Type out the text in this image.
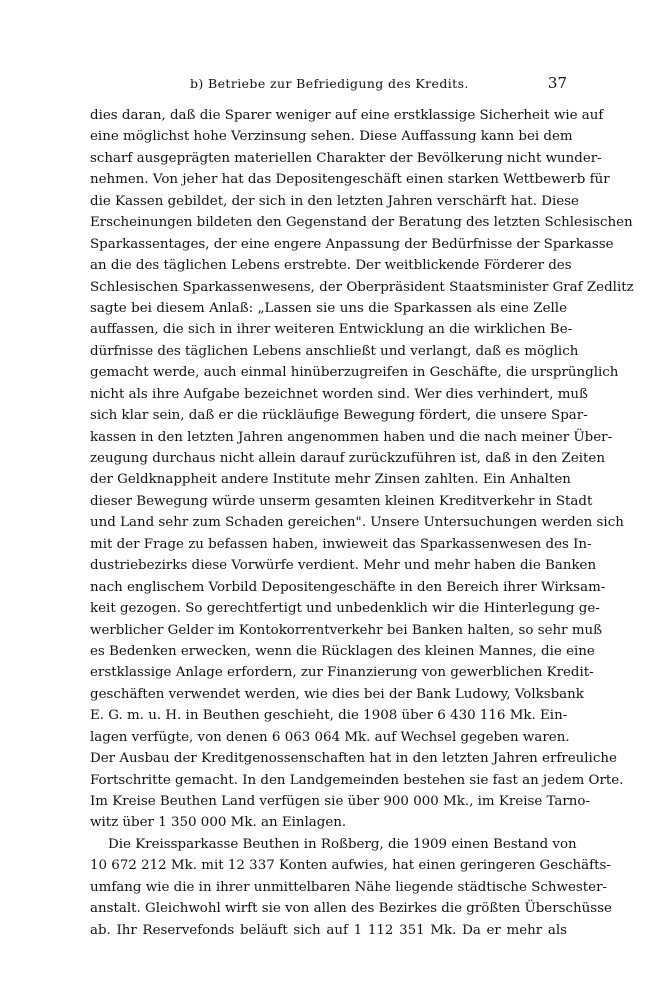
b) Betriebe zur Befriedigung des Kredits.	37
dies daran, daß die Sparer weniger auf eine erstklassige Sicherheit wie auf
eine möglichst hohe Verzinsung sehen. Diese Auffassung kann bei dem
scharf ausgeprägten materiellen Charakter der Bevölkerung nicht wunder-
nehmen. Von jeher hat das Depositengeschäft einen starken Wettbewerb für
die Kassen gebildet, der sich in den letzten Jahren verschärft hat. Diese
Erscheinungen bildeten den Gegenstand der Beratung des letzten Schlesischen
Sparkassentages, der eine engere Anpassung der Bedürfnisse der Sparkasse
an die des täglichen Lebens erstrebte. Der weitblickende Förderer des
Schlesischen Sparkassenwesens, der Oberpräsident Staatsminister Graf Zedlitz
sagte bei diesem Anlaß: „Lassen sie uns die Sparkassen als eine Zelle
auffassen, die sich in ihrer weiteren Entwicklung an die wirklichen Be-
dürfnisse des täglichen Lebens anschließt und verlangt, daß es möglich
gemacht werde, auch einmal hinüberzugreifen in Geschäfte, die ursprünglich
nicht als ihre Aufgabe bezeichnet worden sind. Wer dies verhindert, muß
sich klar sein, daß er die rückläufige Bewegung fördert, die unsere Spar-
kassen in den letzten Jahren angenommen haben und die nach meiner Über-
zeugung durchaus nicht allein darauf zurückzuführen ist, daß in den Zeiten
der Geldknappheit andere Institute mehr Zinsen zahlten. Ein Anhalten
dieser Bewegung würde unserm gesamten kleinen Kreditverkehr in Stadt
und Land sehr zum Schaden gereichen". Unsere Untersuchungen werden sich
mit der Frage zu befassen haben, inwieweit das Sparkassenwesen des In-
dustriebezirks diese Vorwürfe verdient. Mehr und mehr haben die Banken
nach englischem Vorbild Depositengeschäfte in den Bereich ihrer Wirksam-
keit gezogen. So gerechtfertigt und unbedenklich wir die Hinterlegung ge-
werblicher Gelder im Kontokorrentverkehr bei Banken halten, so sehr muß
es Bedenken erwecken, wenn die Rücklagen des kleinen Mannes, die eine
erstklassige Anlage erfordern, zur Finanzierung von gewerblichen Kredit-
geschäften verwendet werden, wie dies bei der Bank Ludowy, Volksbank
E. G. m. u. H. in Beuthen geschieht, die 1908 über 6 430 116 Mk. Ein-
lagen verfügte, von denen 6 063 064 Mk. auf Wechsel gegeben waren.
Der Ausbau der Kreditgenossenschaften hat in den letzten Jahren erfreuliche
Fortschritte gemacht. In den Landgemeinden bestehen sie fast an jedem Orte.
Im Kreise Beuthen Land verfügen sie über 900 000 Mk., im Kreise Tarno-
witz über 1 350 000 Mk. an Einlagen.
Die Kreissparkasse Beuthen in Roßberg, die 1909 einen Bestand von
10 672 212 Mk. mit 12 337 Konten aufwies, hat einen geringeren Geschäfts-
umfang wie die in ihrer unmittelbaren Nähe liegende städtische Schwester-
anstalt. Gleichwohl wirft sie von allen des Bezirkes die größten Überschüsse
ab. Ihr Reservefonds beläuft sich auf 1 112 351 Mk. Da er mehr als
